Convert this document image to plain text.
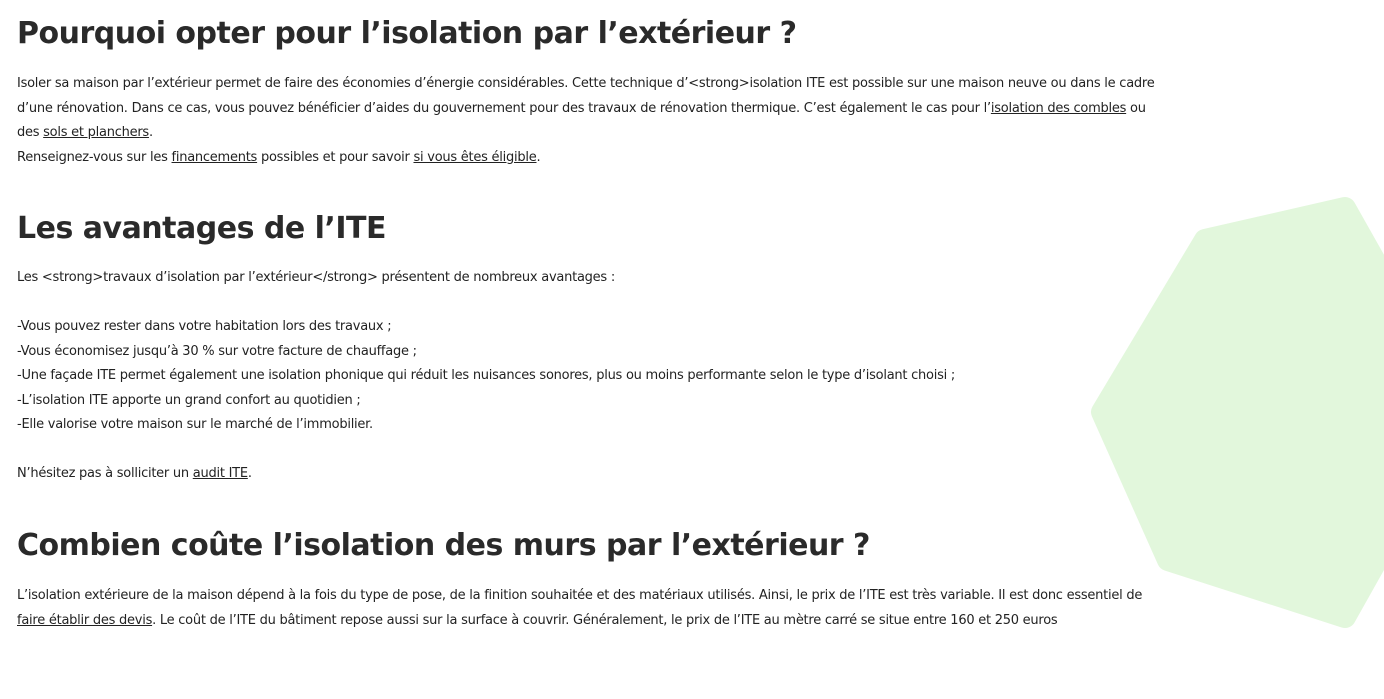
Pourquoi opter pour l’isolation par l’extérieur ?
Isoler sa maison par l’extérieur permet de faire des économies d’énergie considérables. Cette technique d’<strong>isolation ITE est possible sur une maison neuve ou dans le cadre
d’une rénovation. Dans ce cas, vous pouvez bénéficier d’aides du gouvernement pour des travaux de rénovation thermique. C’est également le cas pour l’isolation des combles ou
des sols et planchers.
Renseignez-vous sur les financements possibles et pour savoir si vous êtes éligible.
Les avantages de l’ITE
Les <strong>travaux d’isolation par l’extérieur</strong> présentent de nombreux avantages :

-Vous pouvez rester dans votre habitation lors des travaux ;
-Vous économisez jusqu’à 30 % sur votre facture de chauffage ;
-Une façade ITE permet également une isolation phonique qui réduit les nuisances sonores, plus ou moins performante selon le type d’isolant choisi ;
-L’isolation ITE apporte un grand confort au quotidien ;
-Elle valorise votre maison sur le marché de l’immobilier.

N’hésitez pas à solliciter un audit ITE.
Combien coûte l’isolation des murs par l’extérieur ?
L’isolation extérieure de la maison dépend à la fois du type de pose, de la finition souhaitée et des matériaux utilisés. Ainsi, le prix de l’ITE est très variable. Il est donc essentiel de
faire établir des devis. Le coût de l’ITE du bâtiment repose aussi sur la surface à couvrir. Généralement, le prix de l’ITE au mètre carré se situe entre 160 et 250 euros
